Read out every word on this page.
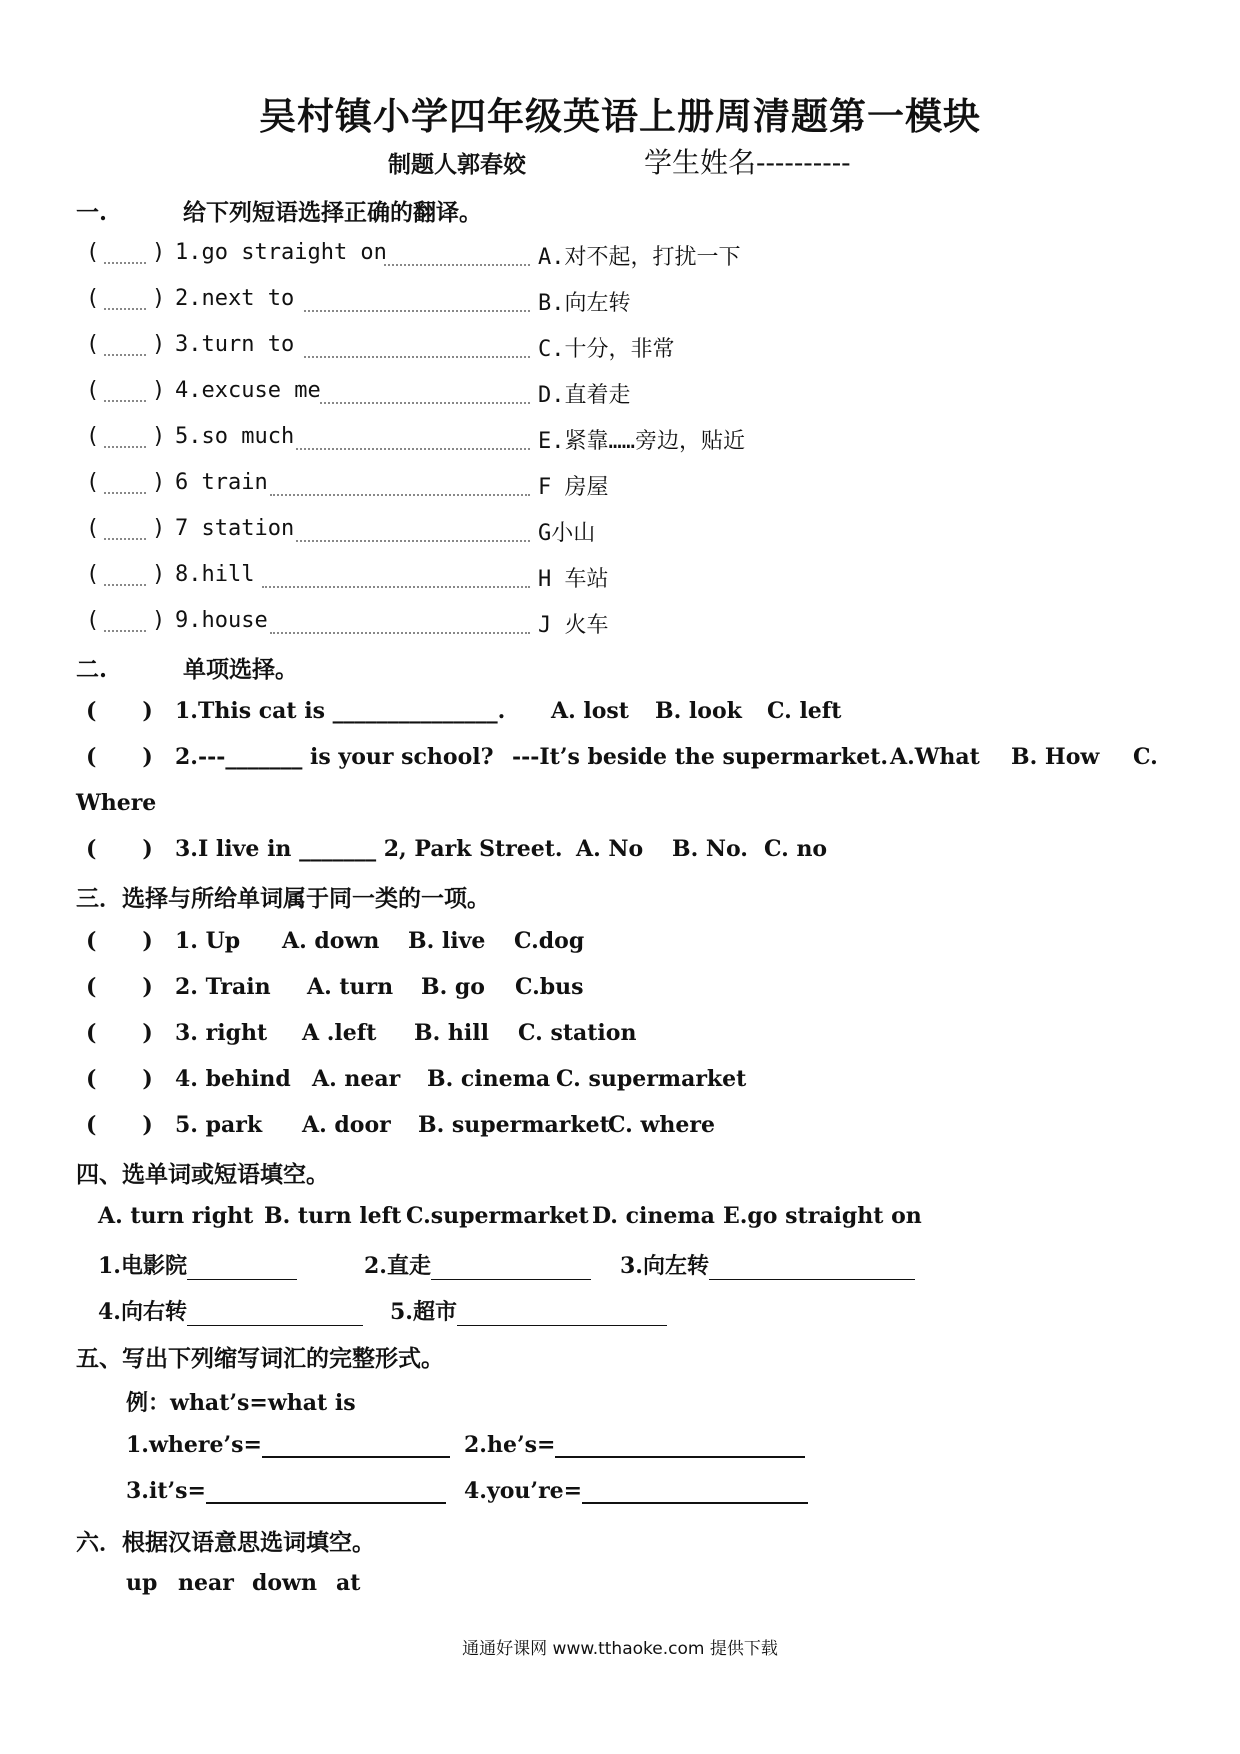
吴村镇小学四年级英语上册周清题第一模块
制题人郭春姣	学生姓名----------
一.	给下列短语选择正确的翻译。
( ) 1.go straight on	A.对不起，打扰一下
( ) 2.next to	B.向左转
( ) 3.turn to	C.十分，非常
( ) 4.excuse me	D.直着走
( ) 5.so much	E.紧靠……旁边，贴近
( ) 6 train	F 房屋
( ) 7 station	G小山
( ) 8.hill	H 车站
( ) 9.house	J 火车
二.	单项选择。
(      ) 1.This cat is _______________. A. lost B. look C. left
(      ) 2.---_______ is your school? ---It’s beside the supermarket. A.What B. How C.
Where
(      ) 3.I live in _______ 2, Park Street. A. No B. No. C. no
三．选择与所给单词属于同一类的一项。
(      ) 1. Up A. down B. live C.dog
(      ) 2. Train A. turn B. go C.bus
(      ) 3. right A .left B. hill C. station
(      ) 4. behind A. near B. cinema C. supermarket
(      ) 5. park A. door B. supermarket
C. where
四、选单词或短语填空。
A. turn right B. turn left C.supermarket D. cinema E.go straight on
1.电影院	2.直走	3.向左转
4.向右转	5.超市
五、写出下列缩写词汇的完整形式。
例：what’s=what is
1.where’s=	2.he’s=
3.it’s=	4.you’re=
六．根据汉语意思选词填空。
up near down at
通通好课网 www.tthaoke.com 提供下载
